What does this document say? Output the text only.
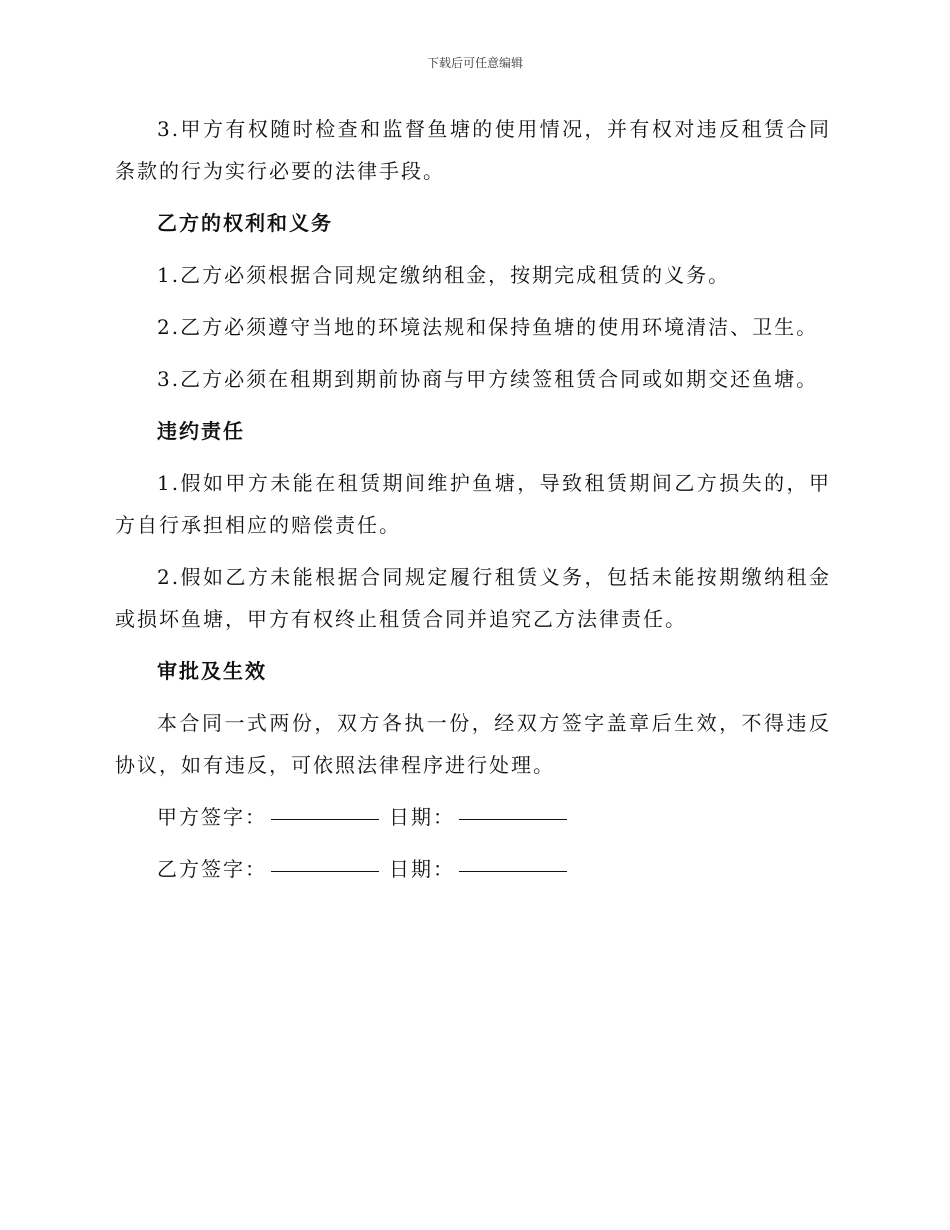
下载后可任意编辑

3.甲方有权随时检查和监督鱼塘的使用情况，并有权对违反租赁合同条款的行为实行必要的法律手段。

乙方的权利和义务

1.乙方必须根据合同规定缴纳租金，按期完成租赁的义务。

2.乙方必须遵守当地的环境法规和保持鱼塘的使用环境清洁、卫生。

3.乙方必须在租期到期前协商与甲方续签租赁合同或如期交还鱼塘。

违约责任

1.假如甲方未能在租赁期间维护鱼塘，导致租赁期间乙方损失的，甲方自行承担相应的赔偿责任。

2.假如乙方未能根据合同规定履行租赁义务，包括未能按期缴纳租金或损坏鱼塘，甲方有权终止租赁合同并追究乙方法律责任。

审批及生效

本合同一式两份，双方各执一份，经双方签字盖章后生效，不得违反协议，如有违反，可依照法律程序进行处理。

甲方签字：	日期：
乙方签字：	日期：
